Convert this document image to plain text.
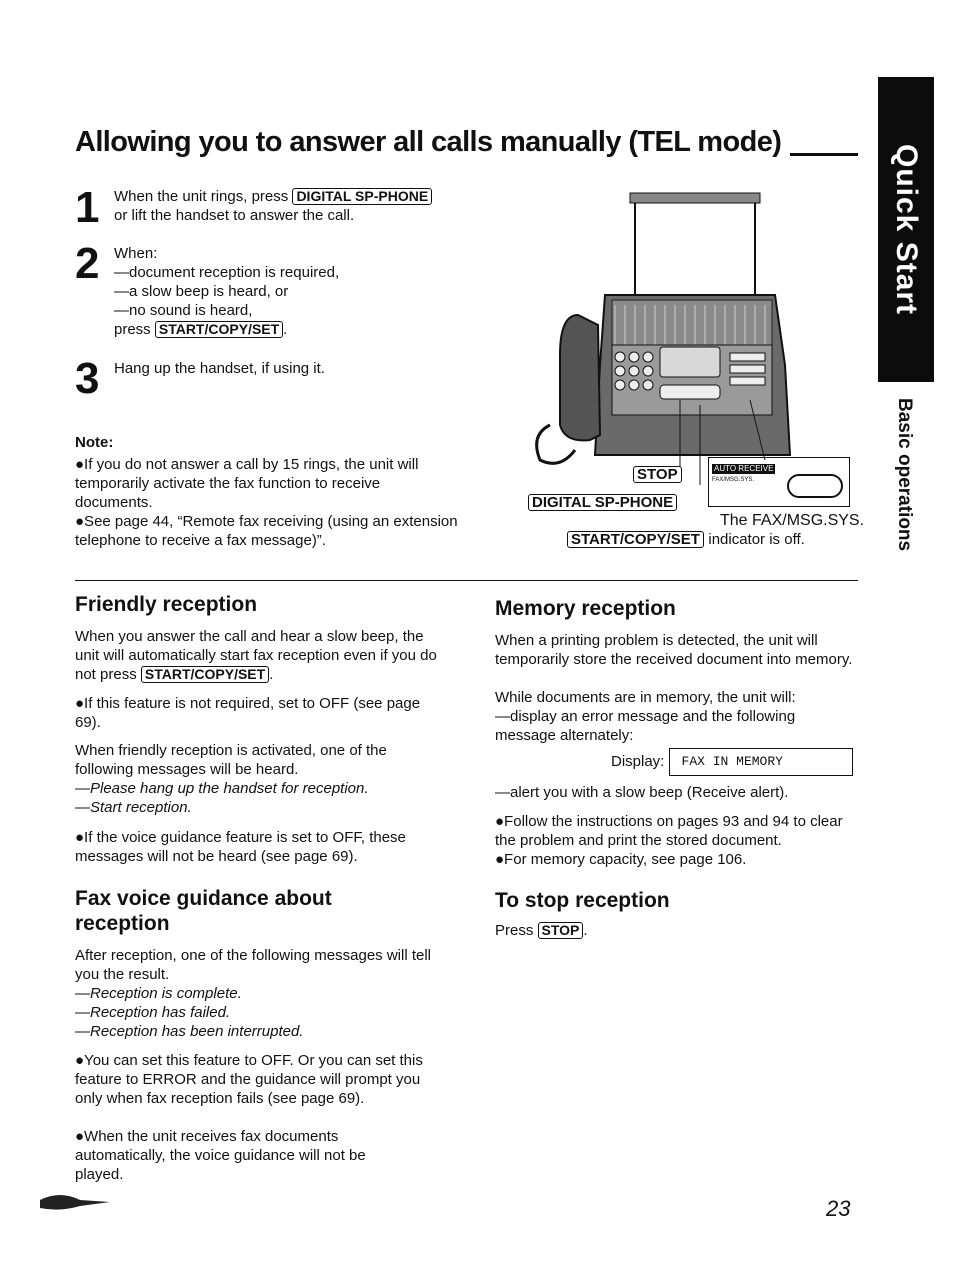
Allowing you to answer all calls manually (TEL mode)
Quick Start
Basic operations
1 When the unit rings, press DIGITAL SP-PHONE
or lift the handset to answer the call.
2 When:
—document reception is required,
—a slow beep is heard, or
—no sound is heard,
press START/COPY/SET .
3 Hang up the handset, if using it.
Note:
●If you do not answer a call by 15 rings, the unit will temporarily activate the fax function to receive documents.
●See page 44, “Remote fax receiving (using an extension telephone to receive a fax message)”.
STOP
DIGITAL SP-PHONE
START/COPY/SET indicator is off.
AUTO RECEIVE
FAX/MSG.SYS.
The FAX/MSG.SYS.
Friendly reception
When you answer the call and hear a slow beep, the unit will automatically start fax reception even if you do not press START/COPY/SET .
●If this feature is not required, set to OFF (see page 69).
When friendly reception is activated, one of the following messages will be heard.
—Please hang up the handset for reception.
—Start reception.
●If the voice guidance feature is set to OFF, these messages will not be heard (see page 69).
Fax voice guidance about reception
After reception, one of the following messages will tell you the result.
—Reception is complete.
—Reception has failed.
—Reception has been interrupted.
●You can set this feature to OFF. Or you can set this feature to ERROR and the guidance will prompt you only when fax reception fails (see page 69).
●When the unit receives fax documents automatically, the voice guidance will not be played.
Memory reception
When a printing problem is detected, the unit will temporarily store the received document into memory.
While documents are in memory, the unit will:
—display an error message and the following message alternately:
Display: FAX IN MEMORY
—alert you with a slow beep (Receive alert).
●Follow the instructions on pages 93 and 94 to clear the problem and print the stored document.
●For memory capacity, see page 106.
To stop reception
Press STOP .
23
